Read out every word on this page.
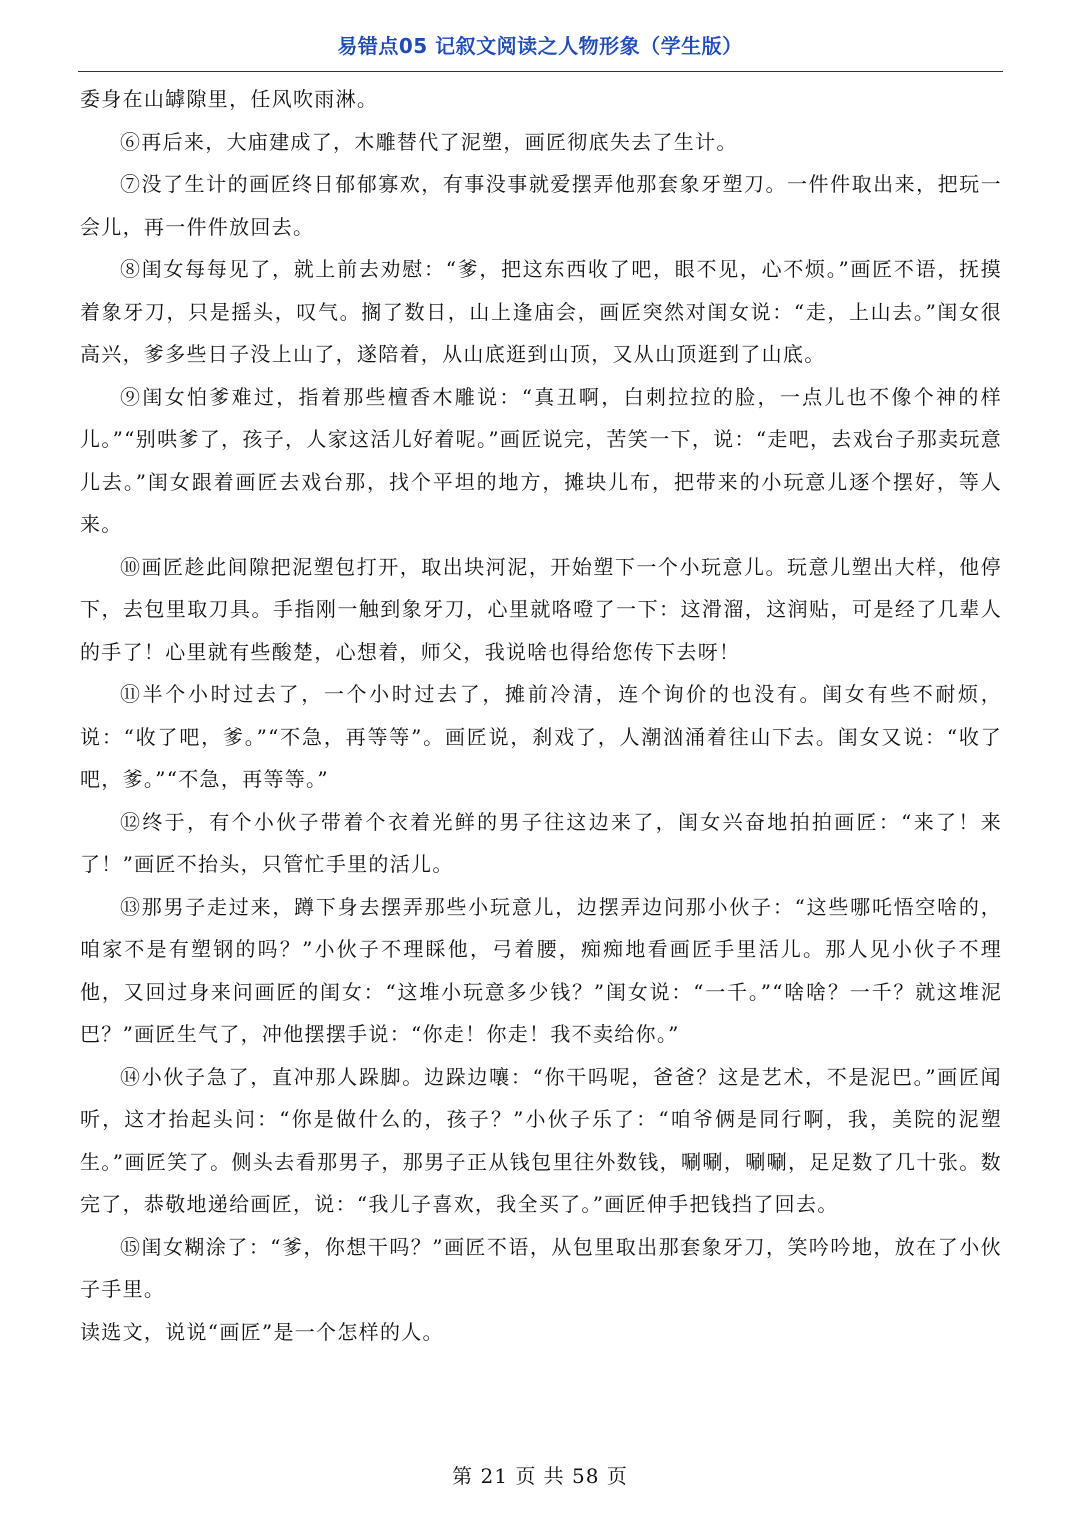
易错点05 记叙文阅读之人物形象（学生版）

委身在山罅隙里，任风吹雨淋。

⑥再后来，大庙建成了，木雕替代了泥塑，画匠彻底失去了生计。

⑦没了生计的画匠终日郁郁寡欢，有事没事就爱摆弄他那套象牙塑刀。一件件取出来，把玩一会儿，再一件件放回去。

⑧闺女每每见了，就上前去劝慰：“爹，把这东西收了吧，眼不见，心不烦。”画匠不语，抚摸着象牙刀，只是摇头，叹气。搁了数日，山上逢庙会，画匠突然对闺女说：“走，上山去。”闺女很高兴，爹多些日子没上山了，遂陪着，从山底逛到山顶，又从山顶逛到了山底。

⑨闺女怕爹难过，指着那些檀香木雕说：“真丑啊，白刺拉拉的脸，一点儿也不像个神的样儿。”“别哄爹了，孩子，人家这活儿好着呢。”画匠说完，苦笑一下，说：“走吧，去戏台子那卖玩意儿去。”闺女跟着画匠去戏台那，找个平坦的地方，摊块儿布，把带来的小玩意儿逐个摆好，等人来。

⑩画匠趁此间隙把泥塑包打开，取出块河泥，开始塑下一个小玩意儿。玩意儿塑出大样，他停下，去包里取刀具。手指刚一触到象牙刀，心里就咯噔了一下：这滑溜，这润贴，可是经了几辈人的手了！心里就有些酸楚，心想着，师父，我说啥也得给您传下去呀！

⑪半个小时过去了，一个小时过去了，摊前冷清，连个询价的也没有。闺女有些不耐烦，说：“收了吧，爹。”“不急，再等等”。画匠说，刹戏了，人潮汹涌着往山下去。闺女又说：“收了吧，爹。”“不急，再等等。”

⑫终于，有个小伙子带着个衣着光鲜的男子往这边来了，闺女兴奋地拍拍画匠：“来了！来了！”画匠不抬头，只管忙手里的活儿。

⑬那男子走过来，蹲下身去摆弄那些小玩意儿，边摆弄边问那小伙子：“这些哪吒悟空啥的，咱家不是有塑钢的吗？”小伙子不理睬他，弓着腰，痴痴地看画匠手里活儿。那人见小伙子不理他，又回过身来问画匠的闺女：“这堆小玩意多少钱？”闺女说：“一千。”“啥啥？一千？就这堆泥巴？”画匠生气了，冲他摆摆手说：“你走！你走！我不卖给你。”

⑭小伙子急了，直冲那人跺脚。边跺边嚷：“你干吗呢，爸爸？这是艺术，不是泥巴。”画匠闻听，这才抬起头问：“你是做什么的，孩子？”小伙子乐了：“咱爷俩是同行啊，我，美院的泥塑生。”画匠笑了。侧头去看那男子，那男子正从钱包里往外数钱，唰唰，唰唰，足足数了几十张。数完了，恭敬地递给画匠，说：“我儿子喜欢，我全买了。”画匠伸手把钱挡了回去。

⑮闺女糊涂了：“爹，你想干吗？”画匠不语，从包里取出那套象牙刀，笑吟吟地，放在了小伙子手里。

读选文，说说“画匠”是一个怎样的人。

第 21 页 共 58 页
